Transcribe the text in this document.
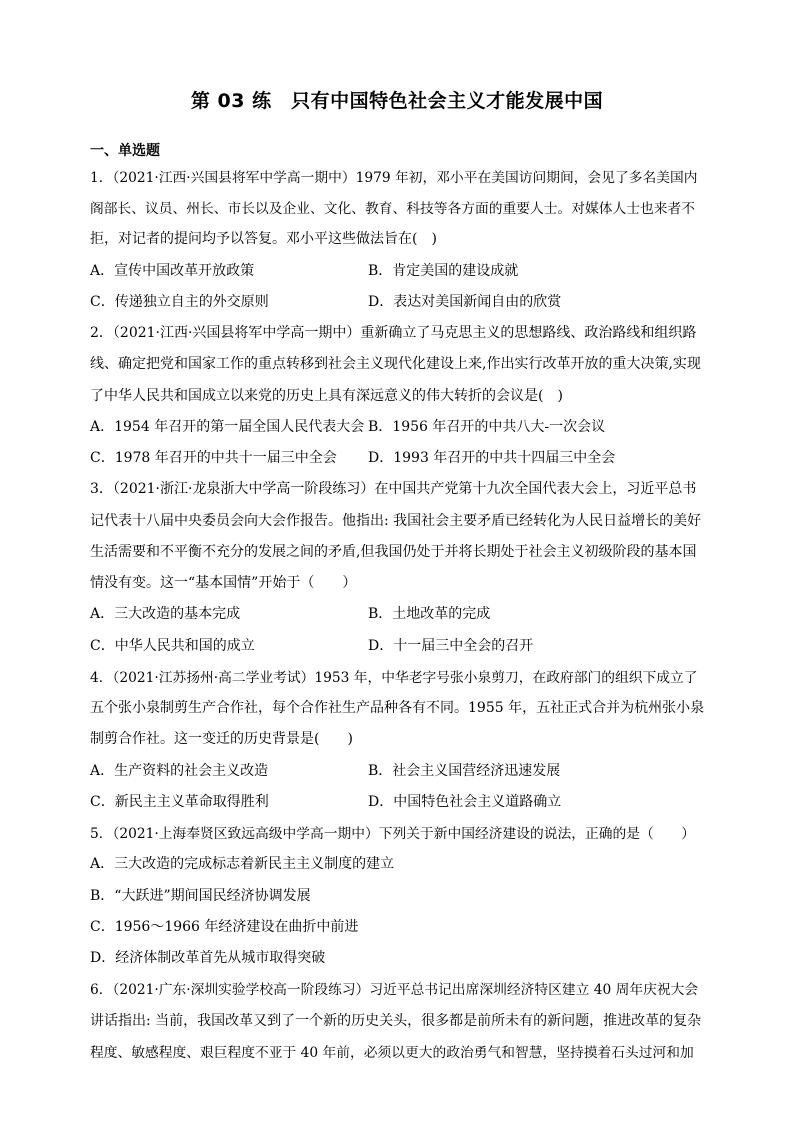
第 03 练　只有中国特色社会主义才能发展中国
一、单选题
1．（2021·江西·兴国县将军中学高一期中）1979 年初，邓小平在美国访问期间，会见了多名美国内
阁部长、议员、州长、市长以及企业、文化、教育、科技等各方面的重要人士。对媒体人士也来者不
拒，对记者的提问均予以答复。邓小平这些做法旨在(　)
A．宣传中国改革开放政策	B．肯定美国的建设成就
C．传递独立自主的外交原则	D．表达对美国新闻自由的欣赏
2．（2021·江西·兴国县将军中学高一期中）重新确立了马克思主义的思想路线、政治路线和组织路
线、确定把党和国家工作的重点转移到社会主义现代化建设上来,作出实行改革开放的重大决策,实现
了中华人民共和国成立以来党的历史上具有深远意义的伟大转折的会议是(　)
A．1954 年召开的第一届全国人民代表大会 B．1956 年召开的中共八大-一次会议
C．1978 年召开的中共十一届三中全会 D．1993 年召开的中共十四届三中全会
3．（2021·浙江·龙泉浙大中学高一阶段练习）在中国共产党第十九次全国代表大会上，习近平总书
记代表十八届中央委员会向大会作报告。他指出: 我国社会主要矛盾已经转化为人民日益增长的美好
生活需要和不平衡不充分的发展之间的矛盾,但我国仍处于并将长期处于社会主义初级阶段的基本国
情没有变。这一“基本国情”开始于（　　）
A．三大改造的基本完成	B．土地改革的完成
C．中华人民共和国的成立	D．十一届三中全会的召开
4．（2021·江苏扬州·高二学业考试）1953 年，中华老字号张小泉剪刀，在政府部门的组织下成立了
五个张小泉制剪生产合作社，每个合作社生产品种各有不同。1955 年，五社正式合并为杭州张小泉
制剪合作社。这一变迁的历史背景是(　　)
A．生产资料的社会主义改造	B．社会主义国营经济迅速发展
C．新民主主义革命取得胜利	D．中国特色社会主义道路确立
5．（2021·上海奉贤区致远高级中学高一期中）下列关于新中国经济建设的说法，正确的是（　　）
A．三大改造的完成标志着新民主主义制度的建立
B．“大跃进”期间国民经济协调发展
C．1956～1966 年经济建设在曲折中前进
D．经济体制改革首先从城市取得突破
6．（2021·广东·深圳实验学校高一阶段练习）习近平总书记出席深圳经济特区建立 40 周年庆祝大会
讲话指出: 当前，我国改革又到了一个新的历史关头，很多都是前所未有的新问题，推进改革的复杂
程度、敏感程度、艰巨程度不亚于 40 年前，必须以更大的政治勇气和智慧，坚持摸着石头过河和加
